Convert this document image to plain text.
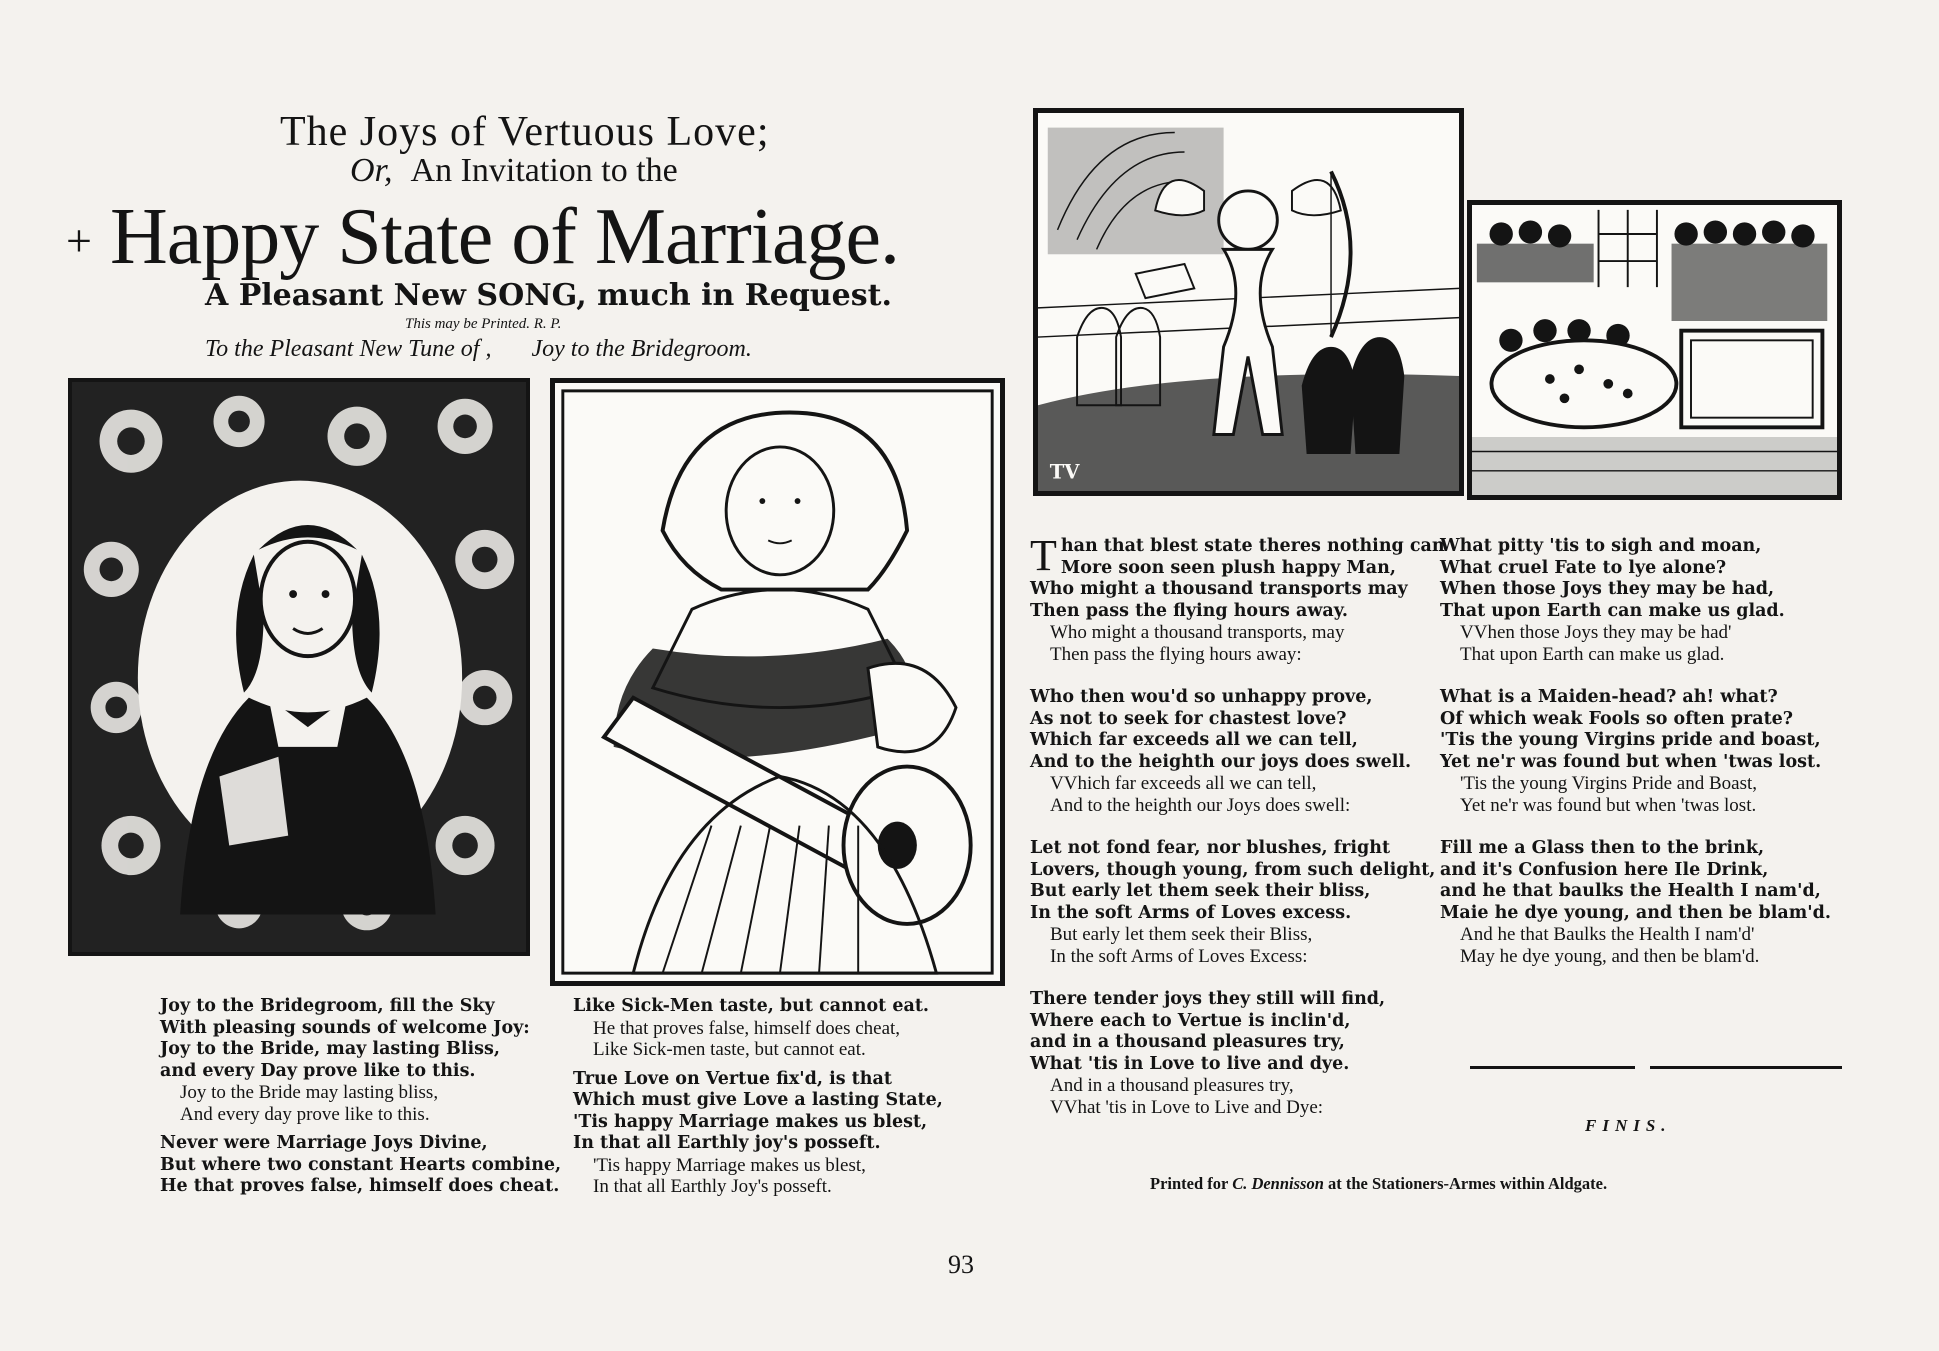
The Joys of Vertuous Love;
Or, An Invitation to the
+ Happy State of Marriage.
A Pleasant New SONG, much in Request.
This may be Printed. R. P.
To the Pleasant New Tune of , Joy to the Bridegroom.
TV
Joy to the Bridegroom, fill the Sky
With pleasing sounds of welcome Joy:
Joy to the Bride, may lasting Bliss,
and every Day prove like to this.
Joy to the Bride may lasting bliss,
And every day prove like to this.
Never were Marriage Joys Divine,
But where two constant Hearts combine,
He that proves false, himself does cheat.
Like Sick-Men taste, but cannot eat.
He that proves false, himself does cheat,
Like Sick-men taste, but cannot eat.
True Love on Vertue fix'd, is that
Which must give Love a lasting State,
'Tis happy Marriage makes us blest,
In that all Earthly joy's posseft.
'Tis happy Marriage makes us blest,
In that all Earthly Joy's posseft.
T han that blest state theres nothing can
More soon seen plush happy Man,
Who might a thousand transports may
Then pass the flying hours away.
Who might a thousand transports, may
Then pass the flying hours away:
Who then wou'd so unhappy prove,
As not to seek for chastest love?
Which far exceeds all we can tell,
And to the heighth our joys does swell.
VVhich far exceeds all we can tell,
And to the heighth our Joys does swell:
Let not fond fear, nor blushes, fright
Lovers, though young, from such delight,
But early let them seek their bliss,
In the soft Arms of Loves excess.
But early let them seek their Bliss,
In the soft Arms of Loves Excess:
There tender joys they still will find,
Where each to Vertue is inclin'd,
and in a thousand pleasures try,
What 'tis in Love to live and dye.
And in a thousand pleasures try,
VVhat 'tis in Love to Live and Dye:
What pitty 'tis to sigh and moan,
What cruel Fate to lye alone?
When those Joys they may be had,
That upon Earth can make us glad.
VVhen those Joys they may be had'
That upon Earth can make us glad.
What is a Maiden-head? ah! what?
Of which weak Fools so often prate?
'Tis the young Virgins pride and boast,
Yet ne'r was found but when 'twas lost.
'Tis the young Virgins Pride and Boast,
Yet ne'r was found but when 'twas lost.
Fill me a Glass then to the brink,
and it's Confusion here Ile Drink,
and he that baulks the Health I nam'd,
Maie he dye young, and then be blam'd.
And he that Baulks the Health I nam'd'
May he dye young, and then be blam'd.
FINIS.
Printed for C. Dennisson at the Stationers-Armes within Aldgate.
93
